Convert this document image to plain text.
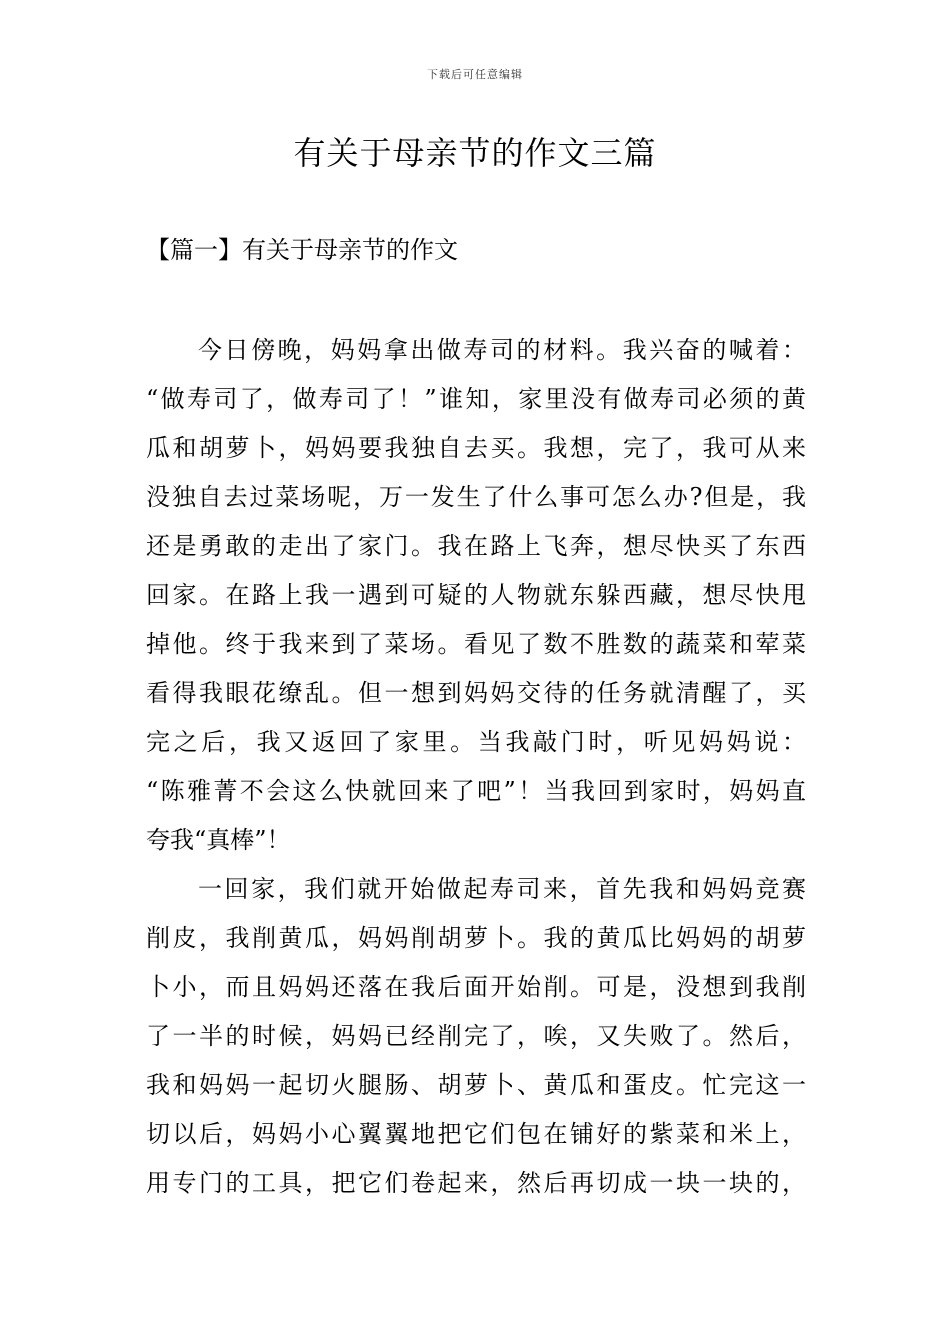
下载后可任意编辑
有关于母亲节的作文三篇
【篇一】有关于母亲节的作文
今日傍晚，妈妈拿出做寿司的材料。我兴奋的喊着：
“做寿司了，做寿司了！”谁知，家里没有做寿司必须的黄
瓜和胡萝卜，妈妈要我独自去买。我想，完了，我可从来
没独自去过菜场呢，万一发生了什么事可怎么办?但是，我
还是勇敢的走出了家门。我在路上飞奔，想尽快买了东西
回家。在路上我一遇到可疑的人物就东躲西藏，想尽快甩
掉他。终于我来到了菜场。看见了数不胜数的蔬菜和荤菜
看得我眼花缭乱。但一想到妈妈交待的任务就清醒了，买
完之后，我又返回了家里。当我敲门时，听见妈妈说：
“陈雅菁不会这么快就回来了吧”！当我回到家时，妈妈直
夸我“真棒”！
一回家，我们就开始做起寿司来，首先我和妈妈竞赛
削皮，我削黄瓜，妈妈削胡萝卜。我的黄瓜比妈妈的胡萝
卜小，而且妈妈还落在我后面开始削。可是，没想到我削
了一半的时候，妈妈已经削完了，唉，又失败了。然后，
我和妈妈一起切火腿肠、胡萝卜、黄瓜和蛋皮。忙完这一
切以后，妈妈小心翼翼地把它们包在铺好的紫菜和米上，
用专门的工具，把它们卷起来，然后再切成一块一块的，
